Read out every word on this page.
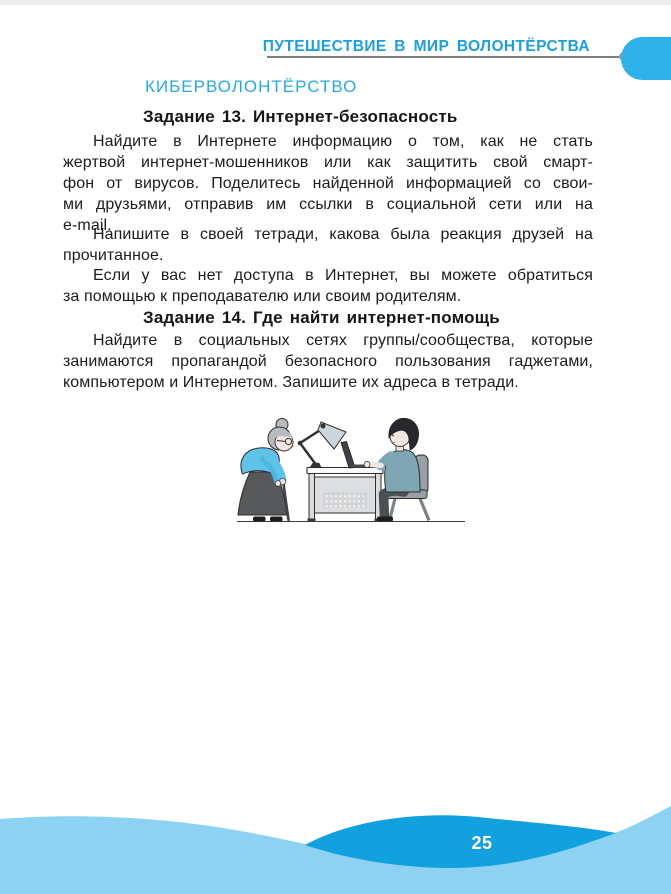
ПУТЕШЕСТВИЕ В МИР ВОЛОНТЁРСТВА
КИБЕРВОЛОНТЁРСТВО
Задание 13. Интернет-безопасность
Найдите в Интернете информацию о том, как не стать
жертвой интернет-мошенников или как защитить свой смарт-
фон от вирусов. Поделитесь найденной информацией со свои-
ми друзьями, отправив им ссылки в социальной сети или на
e-mail.
Напишите в своей тетради, какова была реакция друзей на
прочитанное.
Если у вас нет доступа в Интернет, вы можете обратиться
за помощью к преподавателю или своим родителям.
Задание 14. Где найти интернет-помощь
Найдите в социальных сетях группы/сообщества, которые
занимаются пропагандой безопасного пользования гаджетами,
компьютером и Интернетом. Запишите их адреса в тетради.
25
